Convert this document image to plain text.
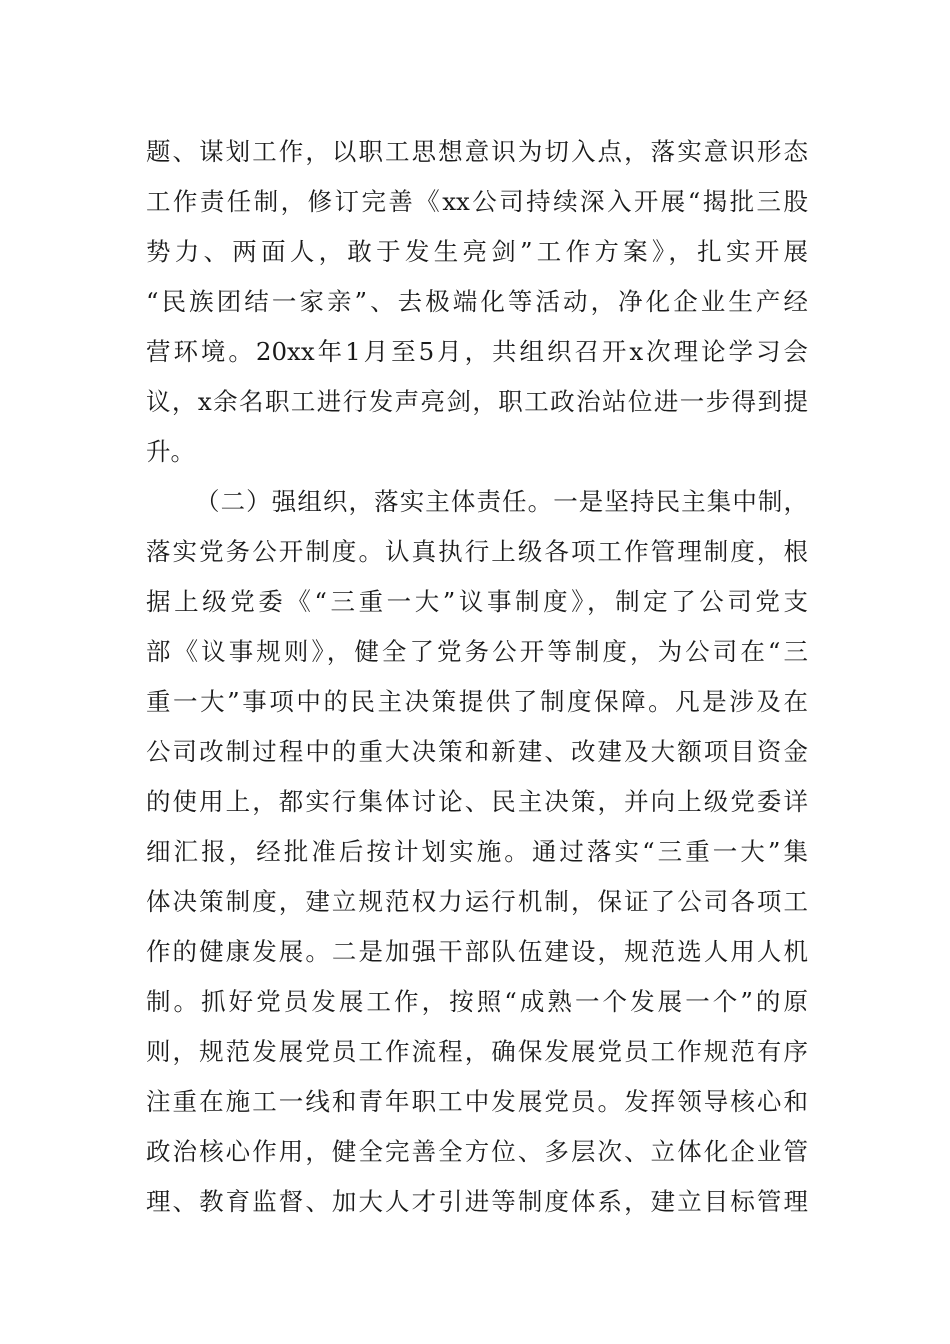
题、谋划工作，以职工思想意识为切入点，落实意识形态
工作责任制，修订完善《xx公司持续深入开展“揭批三股
势力、两面人，敢于发生亮剑”工作方案》，扎实开展
“民族团结一家亲”、去极端化等活动，净化企业生产经
营环境。20xx年1月至5月，共组织召开x次理论学习会
议，x余名职工进行发声亮剑，职工政治站位进一步得到提
升。
（二）强组织，落实主体责任。一是坚持民主集中制，
落实党务公开制度。认真执行上级各项工作管理制度，根
据上级党委《“三重一大”议事制度》，制定了公司党支
部《议事规则》，健全了党务公开等制度，为公司在“三
重一大”事项中的民主决策提供了制度保障。凡是涉及在
公司改制过程中的重大决策和新建、改建及大额项目资金
的使用上，都实行集体讨论、民主决策，并向上级党委详
细汇报，经批准后按计划实施。通过落实“三重一大”集
体决策制度，建立规范权力运行机制，保证了公司各项工
作的健康发展。二是加强干部队伍建设，规范选人用人机
制。抓好党员发展工作，按照“成熟一个发展一个”的原
则，规范发展党员工作流程，确保发展党员工作规范有序
注重在施工一线和青年职工中发展党员。发挥领导核心和
政治核心作用，健全完善全方位、多层次、立体化企业管
理、教育监督、加大人才引进等制度体系，建立目标管理
